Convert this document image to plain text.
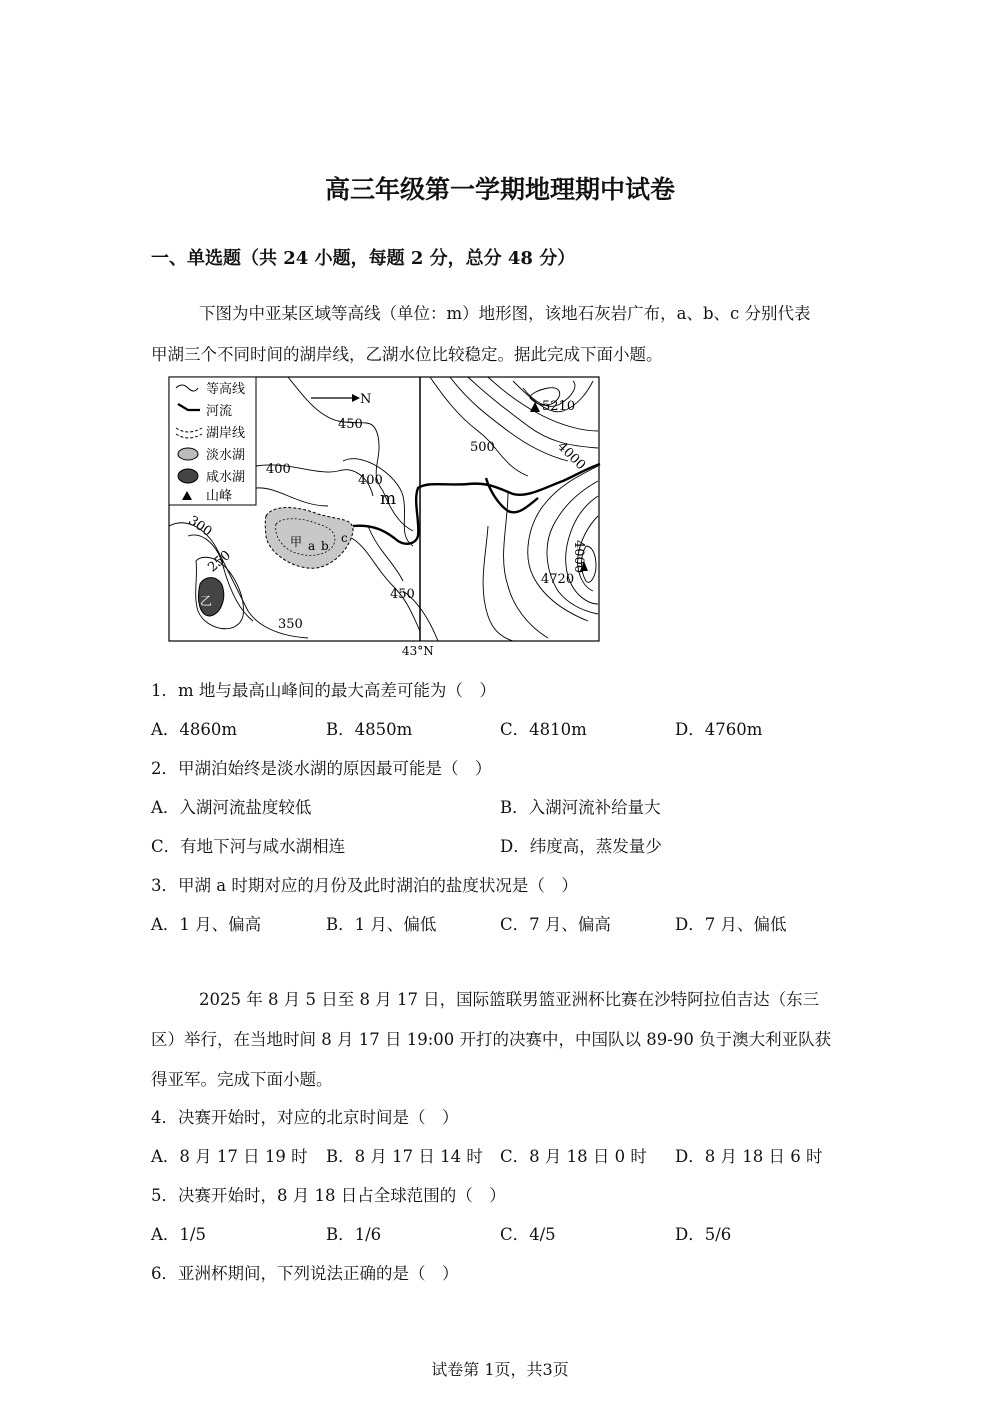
高三年级第一学期地理期中试卷
一、单选题（共 24 小题，每题 2 分，总分 48 分）
下图为中亚某区域等高线（单位：m）地形图，该地石灰岩广布，a、b、c 分别代表
甲湖三个不同时间的湖岸线，乙湖水位比较稳定。据此完成下面小题。
等高线
河流
湖岸线
淡水湖
咸水湖
山峰
N
450
500
400
400
m
5210
4000
300
250
甲 a b
c
乙	450
350
4000
4720
43°N
1．m 地与最高山峰间的最大高差可能为（　）
A．4860m	B．4850m	C．4810m	D．4760m
2．甲湖泊始终是淡水湖的原因最可能是（　）
A．入湖河流盐度较低	B．入湖河流补给量大
C．有地下河与咸水湖相连	D．纬度高，蒸发量少
3．甲湖 a 时期对应的月份及此时湖泊的盐度状况是（　）
A．1 月、偏高	B．1 月、偏低	C．7 月、偏高	D．7 月、偏低
2025 年 8 月 5 日至 8 月 17 日，国际篮联男篮亚洲杯比赛在沙特阿拉伯吉达（东三
区）举行，在当地时间 8 月 17 日 19:00 开打的决赛中，中国队以 89-90 负于澳大利亚队获
得亚军。完成下面小题。
4．决赛开始时，对应的北京时间是（　）
A．8 月 17 日 19 时 B．8 月 17 日 14 时 C．8 月 18 日 0 时 D．8 月 18 日 6 时
5．决赛开始时，8 月 18 日占全球范围的（　）
A．1/5	B．1/6	C．4/5	D．5/6
6．亚洲杯期间，下列说法正确的是（　）
试卷第 1页，共3页
